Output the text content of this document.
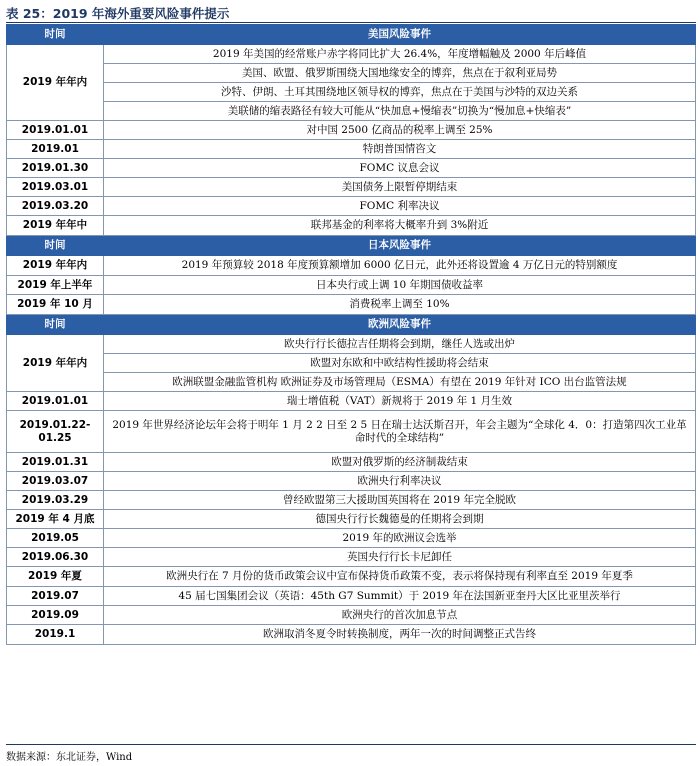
表 25：2019 年海外重要风险事件提示
时间	美国风险事件
2019 年年内	2019 年美国的经常账户赤字将同比扩大 26.4%，年度增幅触及 2000 年后峰值
	美国、欧盟、俄罗斯围绕大国地缘安全的博弈，焦点在于叙利亚局势
	沙特、伊朗、土耳其围绕地区领导权的博弈，焦点在于美国与沙特的双边关系
	美联储的缩表路径有较大可能从“快加息+慢缩表”切换为“慢加息+快缩表”
2019.01.01	对中国 2500 亿商品的税率上调至 25%
2019.01	特朗普国情咨文
2019.01.30	FOMC 议息会议
2019.03.01	美国债务上限暂停期结束
2019.03.20	FOMC 利率决议
2019 年年中	联邦基金的利率将大概率升到 3%附近
时间	日本风险事件
2019 年年内	2019 年预算较 2018 年度预算额增加 6000 亿日元，此外还将设置逾 4 万亿日元的特别额度
2019 年上半年	日本央行或上调 10 年期国债收益率
2019 年 10 月	消费税率上调至 10%
时间	欧洲风险事件
2019 年年内	欧央行行长德拉吉任期将会到期，继任人选或出炉
	欧盟对东欧和中欧结构性援助将会结束
	欧洲联盟金融监管机构 欧洲证券及市场管理局（ESMA）有望在 2019 年针对 ICO 出台监管法规
2019.01.01	瑞士增值税（VAT）新规将于 2019 年 1 月生效
2019.01.22-01.25	2019 年世界经济论坛年会将于明年 1 月 2 2 日至 2 5 日在瑞士达沃斯召开，年会主题为“全球化 4．0：打造第四次工业革命时代的全球结构”
2019.01.31	欧盟对俄罗斯的经济制裁结束
2019.03.07	欧洲央行利率决议
2019.03.29	曾经欧盟第三大援助国英国将在 2019 年完全脱欧
2019 年 4 月底	德国央行行长魏德曼的任期将会到期
2019.05	2019 年的欧洲议会选举
2019.06.30	英国央行行长卡尼卸任
2019 年夏	欧洲央行在 7 月份的货币政策会议中宣布保持货币政策不变，表示将保持现有利率直至 2019 年夏季
2019.07	45 届七国集团会议（英语：45th G7 Summit）于 2019 年在法国新亚奎丹大区比亚里茨举行
2019.09	欧洲央行的首次加息节点
2019.1	欧洲取消冬夏令时转换制度，两年一次的时间调整正式告终
数据来源：东北证券，Wind
